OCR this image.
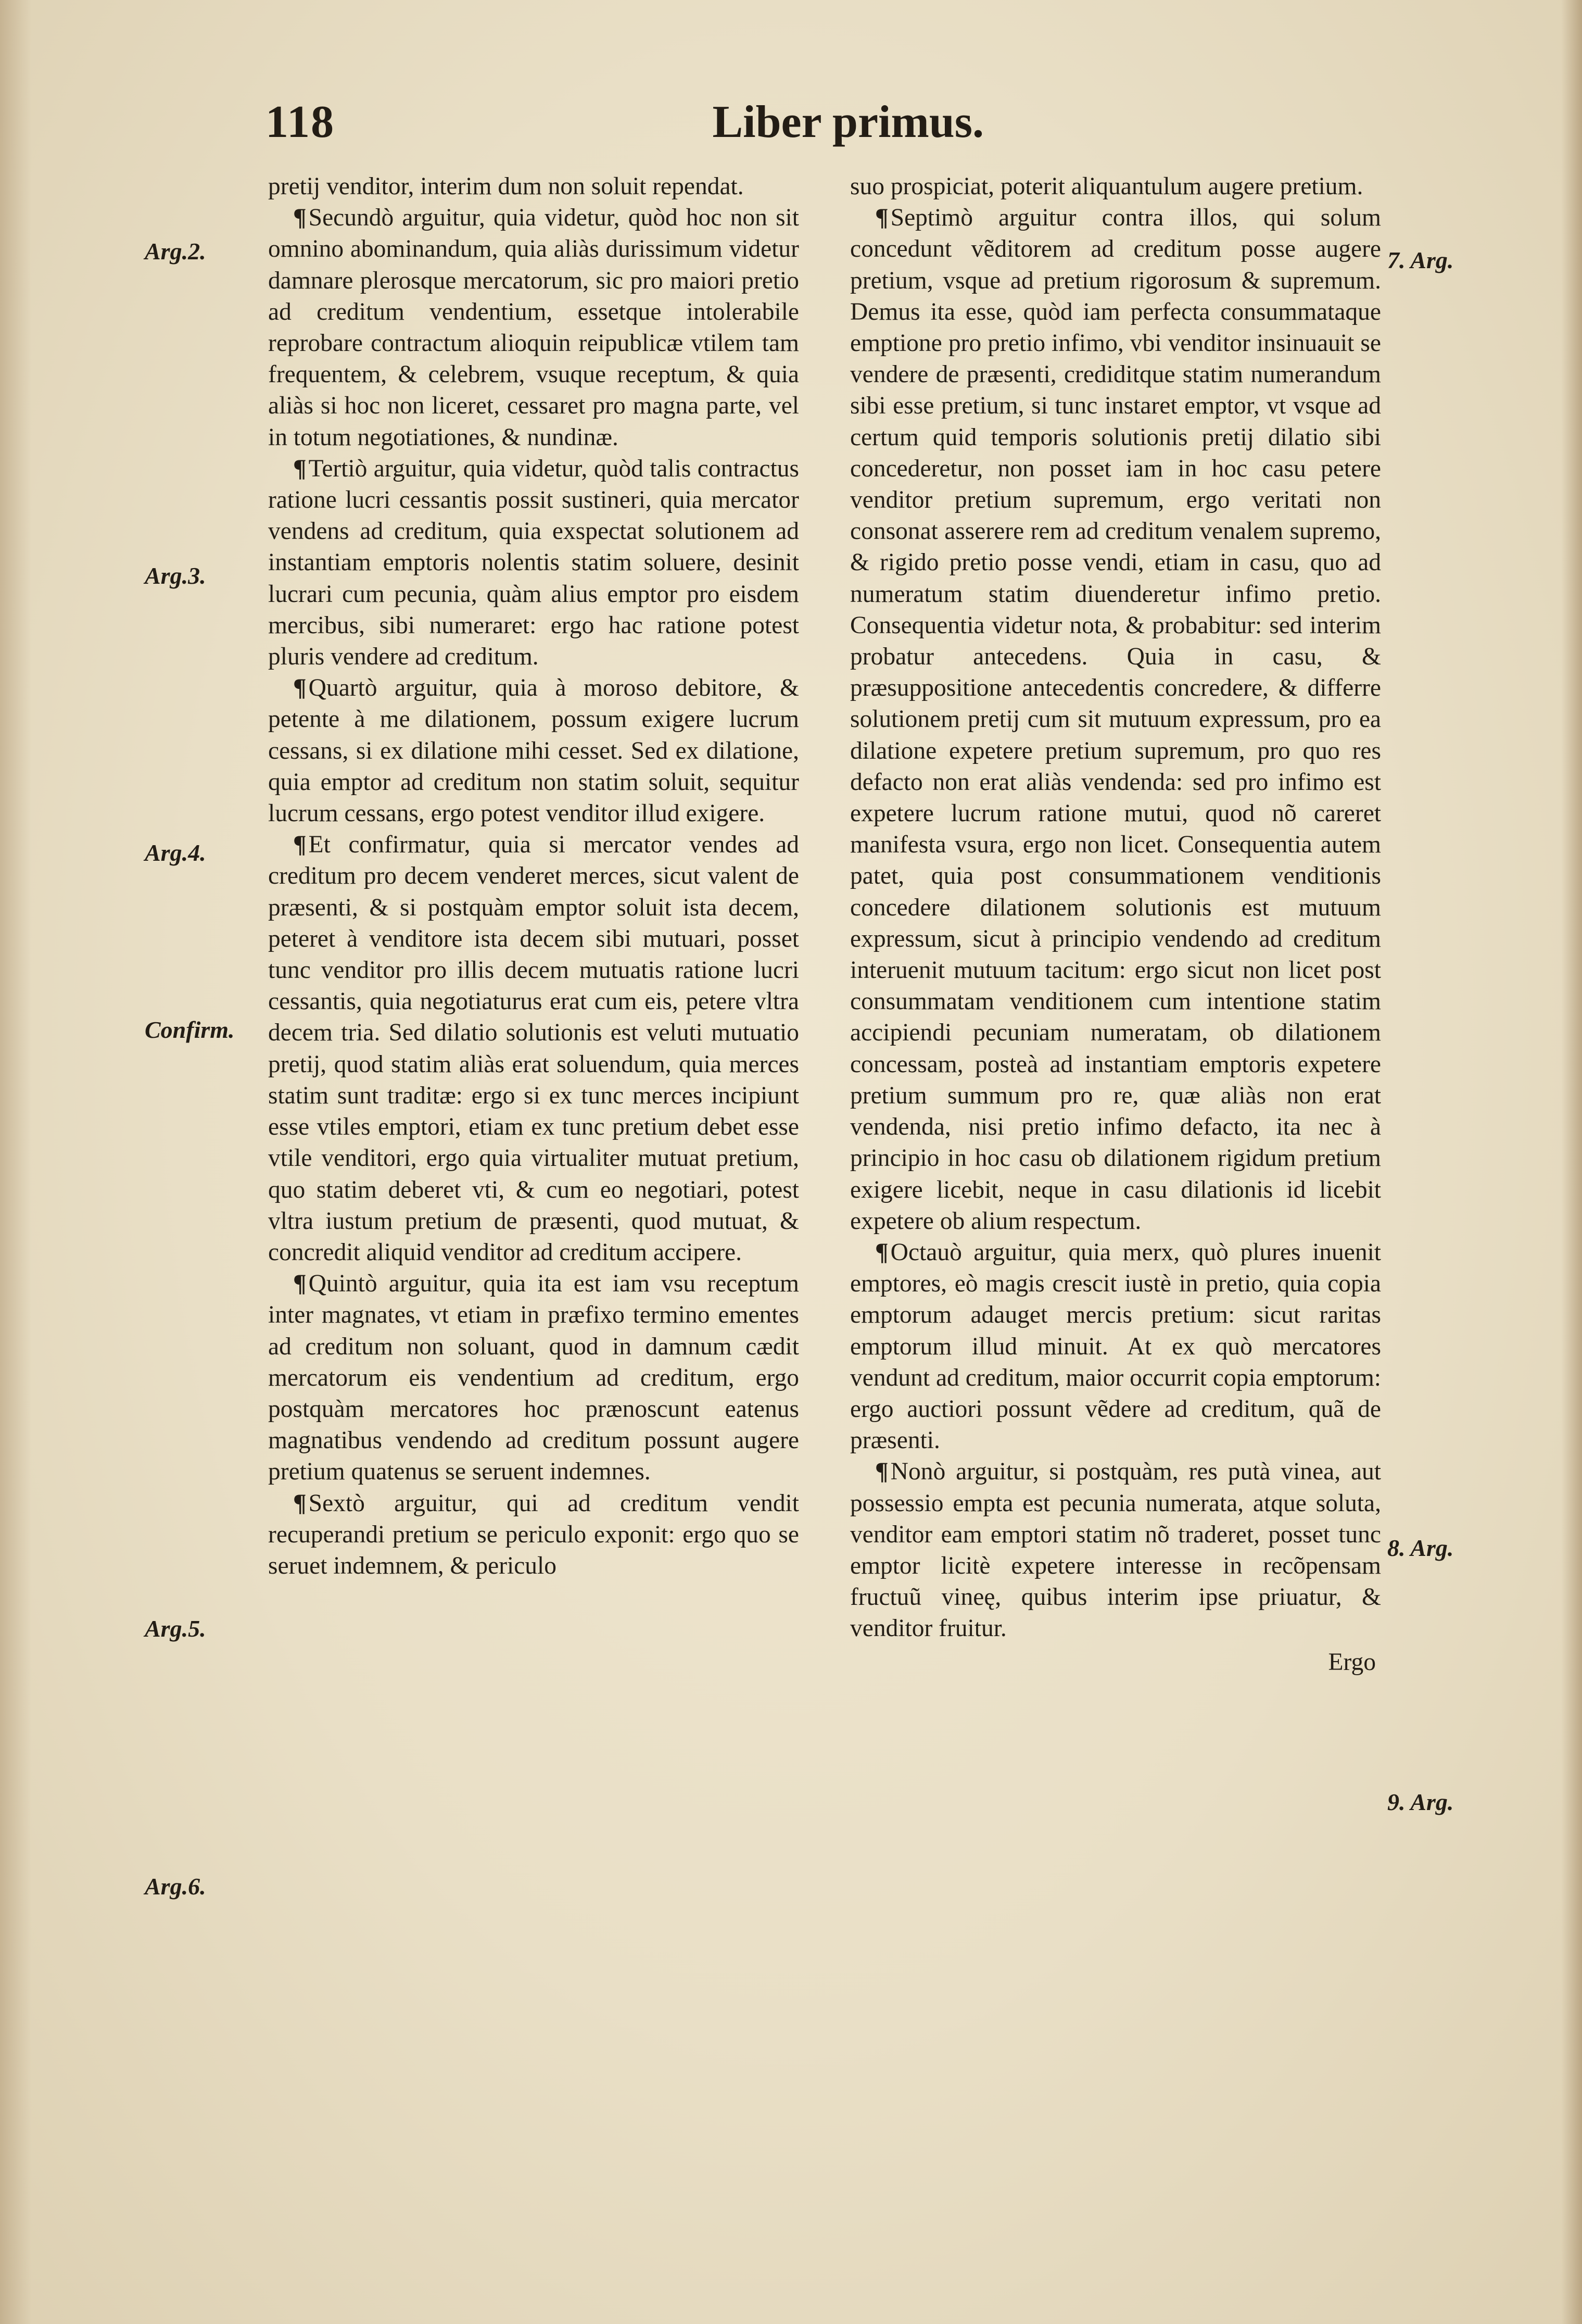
118	Liber primus.
Arg.2.
Arg.3.
Arg.4.
Confirm.
Arg.5.
Arg.6.
7. Arg.
8. Arg.
9. Arg.

pretij venditor, interim dum non soluit rependat.

¶Secundò arguitur, quia videtur, quòd hoc non sit omnino abominandum, quia aliàs durissimum videtur damnare plerosque mercatorum, sic pro maiori pretio ad creditum vendentium, essetque intolerabile reprobare contractum alioquin reipublicæ vtilem tam frequentem, & celebrem, vsuque receptum, & quia aliàs si hoc non liceret, cessaret pro magna parte, vel in totum negotiationes, & nundinæ.

¶Tertiò arguitur, quia videtur, quòd talis contractus ratione lucri cessantis possit sustineri, quia mercator vendens ad creditum, quia exspectat solutionem ad instantiam emptoris nolentis statim soluere, desinit lucrari cum pecunia, quàm alius emptor pro eisdem mercibus, sibi numeraret: ergo hac ratione potest pluris vendere ad creditum.

¶Quartò arguitur, quia à moroso debitore, & petente à me dilationem, possum exigere lucrum cessans, si ex dilatione mihi cesset. Sed ex dilatione, quia emptor ad creditum non statim soluit, sequitur lucrum cessans, ergo potest venditor illud exigere.

¶Et confirmatur, quia si mercator vendes ad creditum pro decem venderet merces, sicut valent de præsenti, & si postquàm emptor soluit ista decem, peteret à venditore ista decem sibi mutuari, posset tunc venditor pro illis decem mutuatis ratione lucri cessantis, quia negotiaturus erat cum eis, petere vltra decem tria. Sed dilatio solutionis est veluti mutuatio pretij, quod statim aliàs erat soluendum, quia merces statim sunt traditæ: ergo si ex tunc merces incipiunt esse vtiles emptori, etiam ex tunc pretium debet esse vtile venditori, ergo quia virtualiter mutuat pretium, quo statim deberet vti, & cum eo negotiari, potest vltra iustum pretium de præsenti, quod mutuat, & concredit aliquid venditor ad creditum accipere.

¶Quintò arguitur, quia ita est iam vsu receptum inter magnates, vt etiam in præfixo termino ementes ad creditum non soluant, quod in damnum cædit mercatorum eis vendentium ad creditum, ergo postquàm mercatores hoc prænoscunt eatenus magnatibus vendendo ad creditum possunt augere pretium quatenus se seruent indemnes.

¶Sextò arguitur, qui ad creditum vendit recuperandi pretium se periculo exponit: ergo quo se seruet indemnem, & periculo

suo prospiciat, poterit aliquantulum augere pretium.

¶Septimò arguitur contra illos, qui solum concedunt vẽditorem ad creditum posse augere pretium, vsque ad pretium rigorosum & supremum. Demus ita esse, quòd iam perfecta consummataque emptione pro pretio infimo, vbi venditor insinuauit se vendere de præsenti, crediditque statim numerandum sibi esse pretium, si tunc instaret emptor, vt vsque ad certum quid temporis solutionis pretij dilatio sibi concederetur, non posset iam in hoc casu petere venditor pretium supremum, ergo veritati non consonat asserere rem ad creditum venalem supremo, & rigido pretio posse vendi, etiam in casu, quo ad numeratum statim diuenderetur infimo pretio. Consequentia videtur nota, & probabitur: sed interim probatur antecedens. Quia in casu, & præsuppositione antecedentis concredere, & differre solutionem pretij cum sit mutuum expressum, pro ea dilatione expetere pretium supremum, pro quo res defacto non erat aliàs vendenda: sed pro infimo est expetere lucrum ratione mutui, quod nõ careret manifesta vsura, ergo non licet. Consequentia autem patet, quia post consummationem venditionis concedere dilationem solutionis est mutuum expressum, sicut à principio vendendo ad creditum interuenit mutuum tacitum: ergo sicut non licet post consummatam venditionem cum intentione statim accipiendi pecuniam numeratam, ob dilationem concessam, posteà ad instantiam emptoris expetere pretium summum pro re, quæ aliàs non erat vendenda, nisi pretio infimo defacto, ita nec à principio in hoc casu ob dilationem rigidum pretium exigere licebit, neque in casu dilationis id licebit expetere ob alium respectum.

¶Octauò arguitur, quia merx, quò plures inuenit emptores, eò magis crescit iustè in pretio, quia copia emptorum adauget mercis pretium: sicut raritas emptorum illud minuit. At ex quò mercatores vendunt ad creditum, maior occurrit copia emptorum: ergo auctiori possunt vẽdere ad creditum, quã de præsenti.

¶Nonò arguitur, si postquàm, res putà vinea, aut possessio empta est pecunia numerata, atque soluta, venditor eam emptori statim nõ traderet, posset tunc emptor licitè expetere interesse in recõpensam fructuũ vineę, quibus interim ipse priuatur, & venditor fruitur.

Ergo
